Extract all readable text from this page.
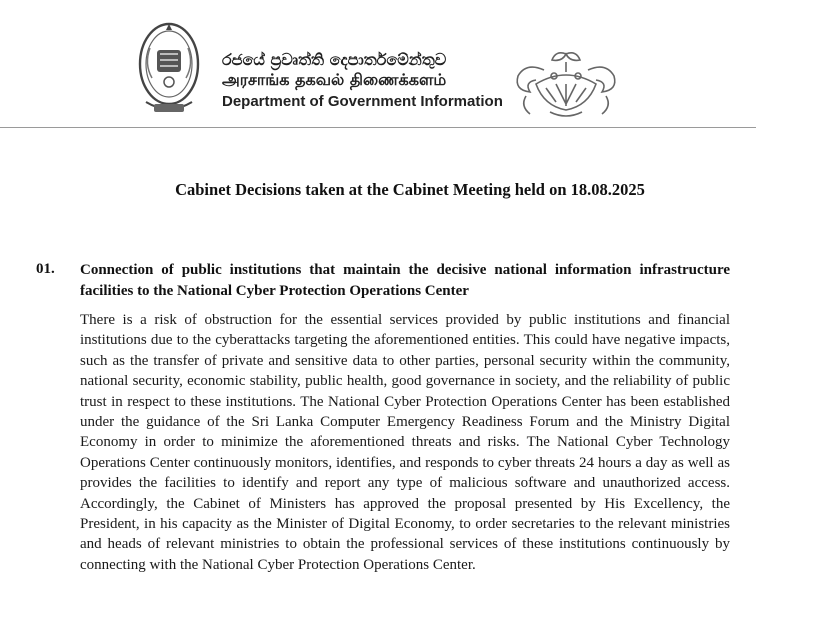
රජයේ ප්‍රවෘත්ති දෙපාර්තමේන්තුව
அரசாங்க தகவல் திணைக்களம்
Department of Government Information
Cabinet Decisions taken at the Cabinet Meeting held on 18.08.2025
01. Connection of public institutions that maintain the decisive national information infrastructure facilities to the National Cyber Protection Operations Center
There is a risk of obstruction for the essential services provided by public institutions and financial institutions due to the cyberattacks targeting the aforementioned entities. This could have negative impacts, such as the transfer of private and sensitive data to other parties, personal security within the community, national security, economic stability, public health, good governance in society, and the reliability of public trust in respect to these institutions. The National Cyber Protection Operations Center has been established under the guidance of the Sri Lanka Computer Emergency Readiness Forum and the Ministry Digital Economy in order to minimize the aforementioned threats and risks. The National Cyber Technology Operations Center continuously monitors, identifies, and responds to cyber threats 24 hours a day as well as provides the facilities to identify and report any type of malicious software and unauthorized access. Accordingly, the Cabinet of Ministers has approved the proposal presented by His Excellency, the President, in his capacity as the Minister of Digital Economy, to order secretaries to the relevant ministries and heads of relevant ministries to obtain the professional services of these institutions continuously by connecting with the National Cyber Protection Operations Center.
